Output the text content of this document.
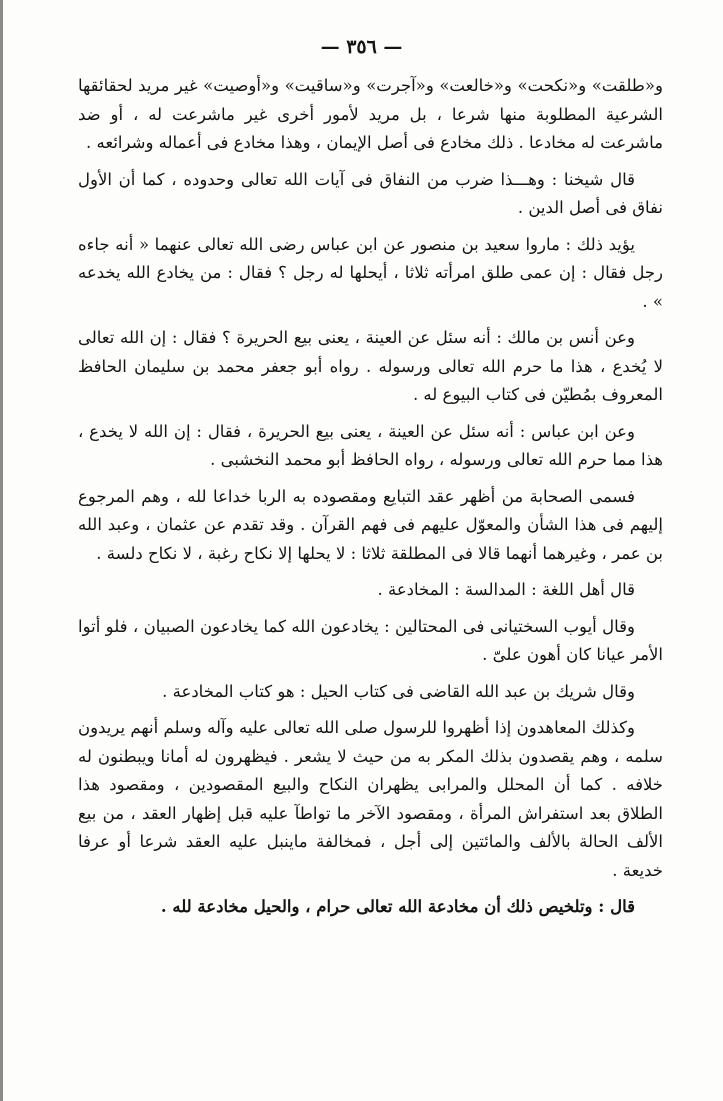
— ٣٥٦ —

و«طلقت» و«نكحت» و«خالعت» و«آجرت» و«ساقيت» و«أوصيت» غير مريد لحقائقها الشرعية المطلوبة منها شرعا ، بل مريد لأمور أخرى غير ماشرعت له ، أو ضد ماشرعت له مخادعا . ذلك مخادع فى أصل الإيمان ، وهذا مخادع فى أعماله وشرائعه .

قال شيخنا : وهـــذا ضرب من النفاق فى آيات الله تعالى وحدوده ، كما أن الأول نفاق فى أصل الدين .

يؤيد ذلك : ماروا سعيد بن منصور عن ابن عباس رضى الله تعالى عنهما « أنه جاءه رجل فقال : إن عمى طلق امرأته ثلاثا ، أيحلها له رجل ؟ فقال : من يخادع الله يخدعه » .

وعن أنس بن مالك : أنه سئل عن العينة ، يعنى بيع الحريرة ؟ فقال : إن الله تعالى لا يُخدع ، هذا ما حرم الله تعالى ورسوله . رواه أبو جعفر محمد بن سليمان الحافظ المعروف بمُطيّن فى كتاب البيوع له .

وعن ابن عباس : أنه سئل عن العينة ، يعنى بيع الحريرة ، فقال : إن الله لا يخدع ، هذا مما حرم الله تعالى ورسوله ، رواه الحافظ أبو محمد النخشبى .

فسمى الصحابة من أظهر عقد التبايع ومقصوده به الربا خداعا لله ، وهم المرجوع إليهم فى هذا الشأن والمعوّل عليهم فى فهم القرآن . وقد تقدم عن عثمان ، وعبد الله بن عمر ، وغيرهما أنهما قالا فى المطلقة ثلاثا : لا يحلها إلا نكاح رغبة ، لا نكاح دلسة .

قال أهل اللغة : المدالسة : المخادعة .

وقال أيوب السختيانى فى المحتالين : يخادعون الله كما يخادعون الصبيان ، فلو أتوا الأمر عيانا كان أهون علىّ .

وقال شريك بن عبد الله القاضى فى كتاب الحيل : هو كتاب المخادعة .

وكذلك المعاهدون إذا أظهروا للرسول صلى الله تعالى عليه وآله وسلم أنهم يريدون سلمه ، وهم يقصدون بذلك المكر به من حيث لا يشعر . فيظهرون له أمانا ويبطنون له خلافه . كما أن المحلل والمرابى يظهران النكاح والبيع المقصودين ، ومقصود هذا الطلاق بعد استفراش المرأة ، ومقصود الآخر ما تواطآ عليه قبل إظهار العقد ، من بيع الألف الحالة بالألف والمائتين إلى أجل ، فمخالفة ماينبل عليه العقد شرعا أو عرفا خديعة .

قال : وتلخيص ذلك أن مخادعة الله تعالى حرام ، والحيل مخادعة لله .
